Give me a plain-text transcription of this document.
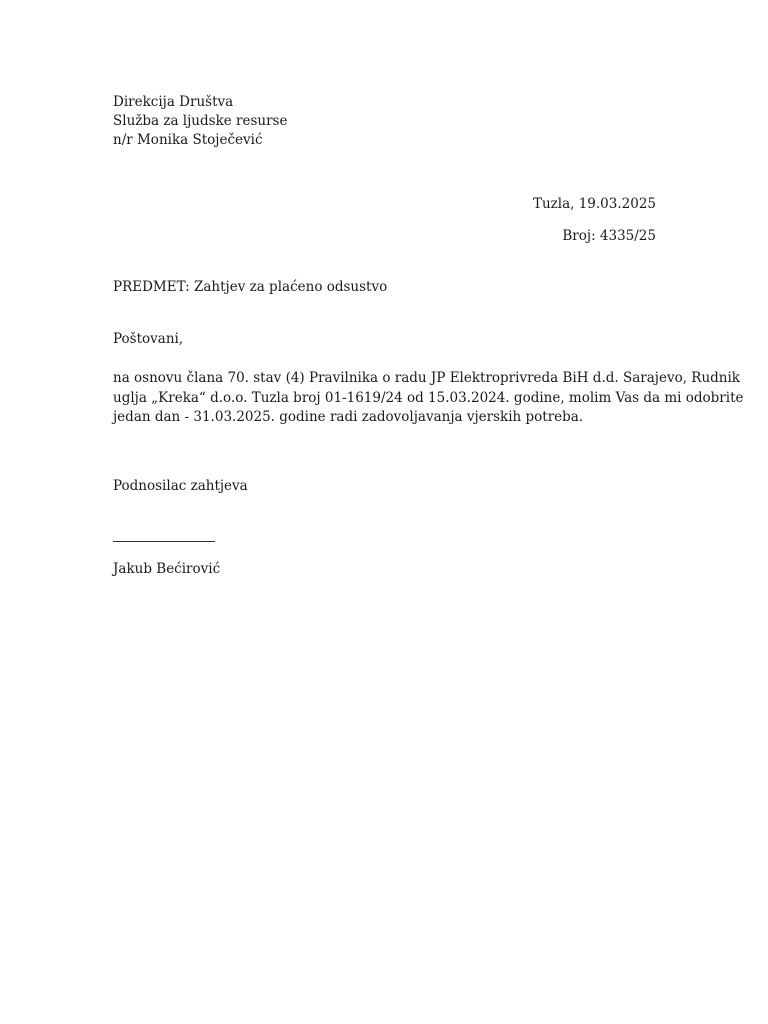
Direkcija Društva
Služba za ljudske resurse
n/r Monika Stoječević
Tuzla, 19.03.2025
Broj: 4335/25
PREDMET: Zahtjev za plaćeno odsustvo
Poštovani,
na osnovu člana 70. stav (4) Pravilnika o radu JP Elektroprivreda BiH d.d. Sarajevo, Rudnik
uglja „Kreka“ d.o.o. Tuzla broj 01-1619/24 od 15.03.2024. godine, molim Vas da mi odobrite
jedan dan - 31.03.2025. godine radi zadovoljavanja vjerskih potreba.
Podnosilac zahtjeva
Jakub Bećirović
